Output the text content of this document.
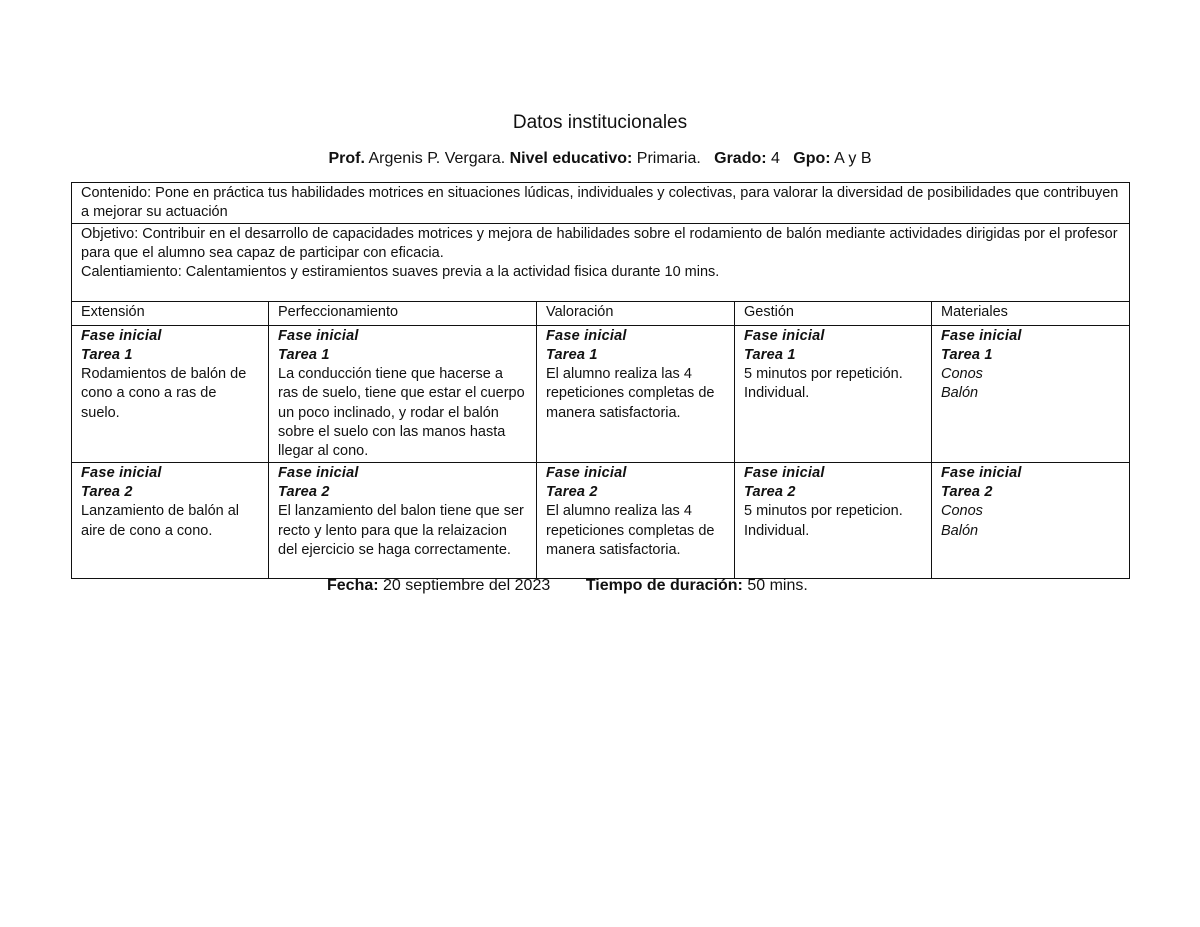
Datos institucionales
Prof. Argenis P. Vergara. Nivel educativo: Primaria.   Grado: 4   Gpo: A y B
Contenido: Pone en práctica tus habilidades motrices en situaciones lúdicas, individuales y colectivas, para valorar la diversidad de posibilidades que contribuyen a mejorar su actuación				

Objetivo: Contribuir en el desarrollo de capacidades motrices y mejora de habilidades sobre el rodamiento de balón mediante actividades dirigidas por el profesor para que el alumno sea capaz de participar con eficacia.
Calentiamiento: Calentamientos y estiramientos suaves previa a la actividad fisica durante 10 mins.				

Extensión	Perfeccionamiento	Valoración	Gestión	Materiales

Fase inicial
Tarea 1
Rodamientos de balón de cono a cono a ras de suelo.	Fase inicial
Tarea 1
La conducción tiene que hacerse a ras de suelo, tiene que estar el cuerpo un poco inclinado, y rodar el balón sobre el suelo con las manos hasta llegar al cono.	Fase inicial
Tarea 1
El alumno realiza las 4 repeticiones completas de manera satisfactoria.	Fase inicial
Tarea 1
5 minutos por repetición. Individual.	Fase inicial
Tarea 1
Conos
Balón

Fase inicial
Tarea 2
Lanzamiento de balón al aire de cono a cono.	Fase inicial
Tarea 2
El lanzamiento del balon tiene que ser recto y lento para que la relaizacion del ejercicio se haga correctamente.	Fase inicial
Tarea 2
El alumno realiza las 4 repeticiones completas de manera satisfactoria.	Fase inicial
Tarea 2
5 minutos por repeticion. Individual.	Fase inicial
Tarea 2
Conos
Balón
Fecha: 20 septiembre del 2023        Tiempo de duración: 50 mins.
